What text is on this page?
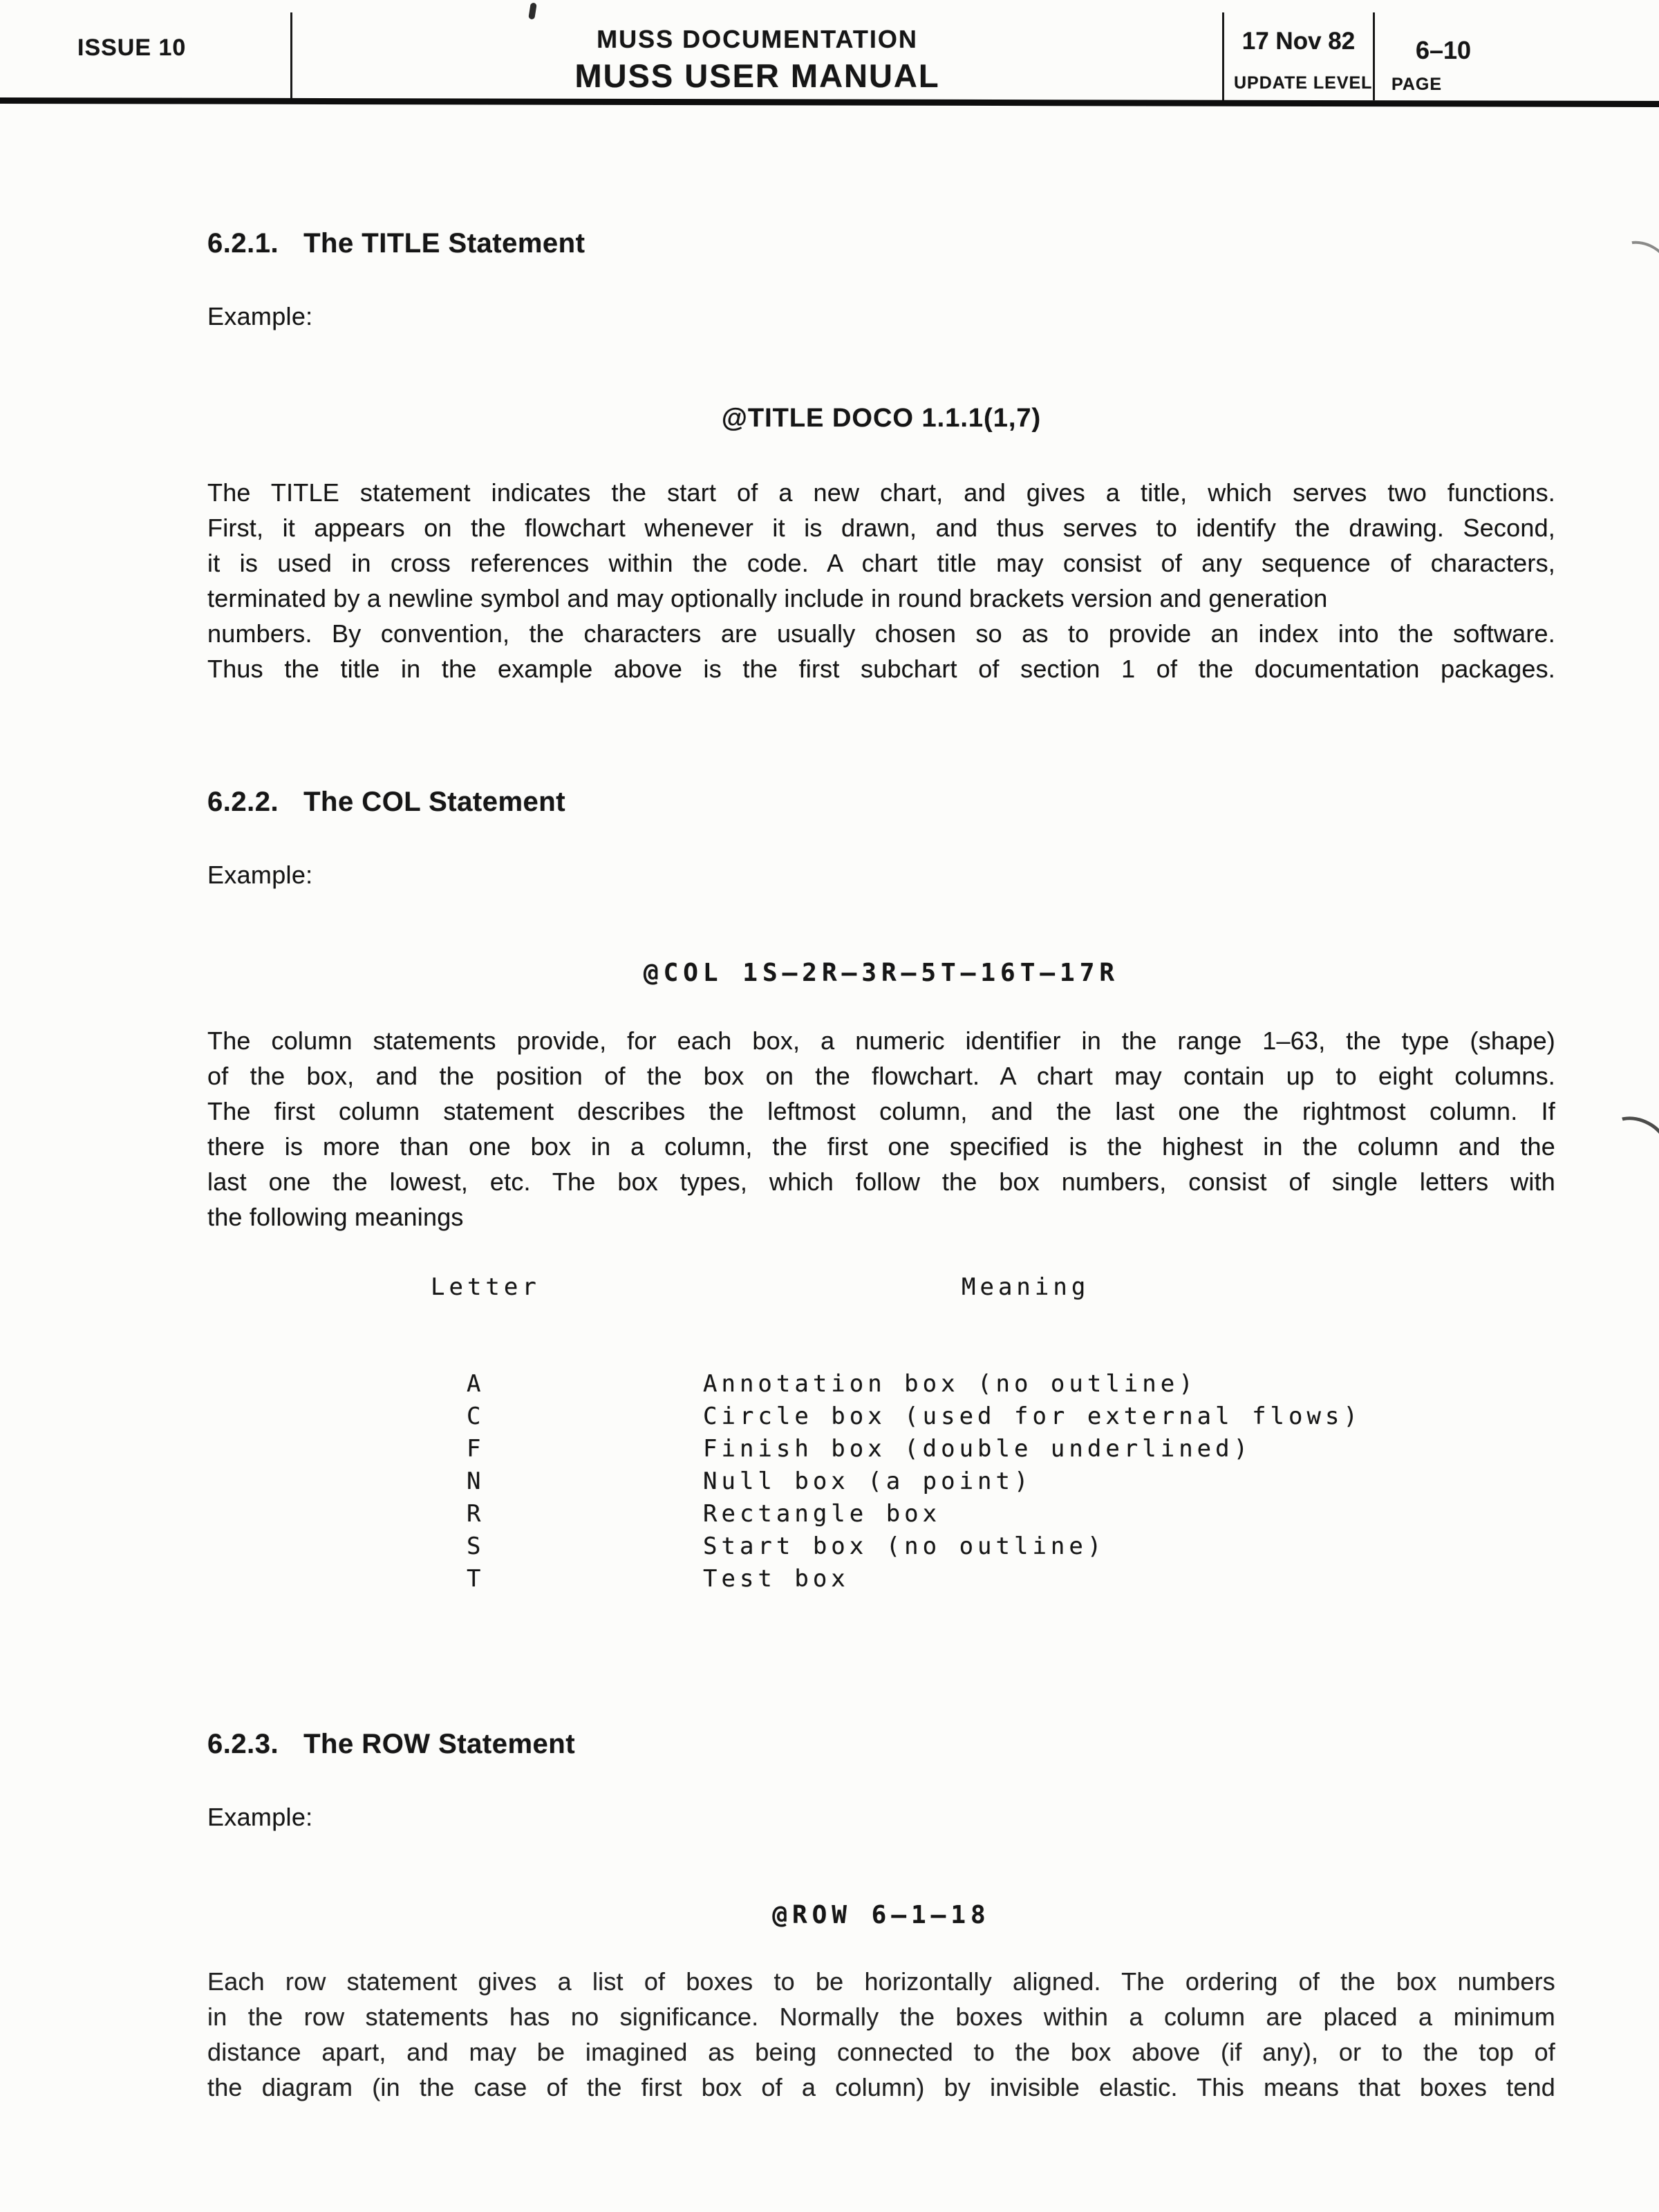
ISSUE 10	MUSS DOCUMENTATION
MUSS USER MANUAL
17 Nov 82
UPDATE LEVEL
6–10
PAGE
6.2.1. The TITLE Statement
Example:
@TITLE DOCO 1.1.1(1,7)
The TITLE statement indicates the start of a new chart, and gives a title, which serves two functions.
First, it appears on the flowchart whenever it is drawn, and thus serves to identify the drawing. Second,
it is used in cross references within the code. A chart title may consist of any sequence of characters,
terminated by a newline symbol and may optionally include in round brackets version and generation
numbers. By convention, the characters are usually chosen so as to provide an index into the software.
Thus the title in the example above is the first subchart of section 1 of the documentation packages.
6.2.2. The COL Statement
Example:
@COL 1S–2R–3R–5T–16T–17R
The column statements provide, for each box, a numeric identifier in the range 1–63, the type (shape)
of the box, and the position of the box on the flowchart. A chart may contain up to eight columns.
The first column statement describes the leftmost column, and the last one the rightmost column. If
there is more than one box in a column, the first one specified is the highest in the column and the
last one the lowest, etc. The box types, which follow the box numbers, consist of single letters with
the following meanings
Letter	Meaning
A	Annotation box (no outline)
C	Circle box (used for external flows)
F	Finish box (double underlined)
N	Null box (a point)
R	Rectangle box
S	Start box (no outline)
T	Test box
6.2.3. The ROW Statement
Example:
@ROW 6–1–18
Each row statement gives a list of boxes to be horizontally aligned. The ordering of the box numbers
in the row statements has no significance. Normally the boxes within a column are placed a minimum
distance apart, and may be imagined as being connected to the box above (if any), or to the top of
the diagram (in the case of the first box of a column) by invisible elastic. This means that boxes tend
